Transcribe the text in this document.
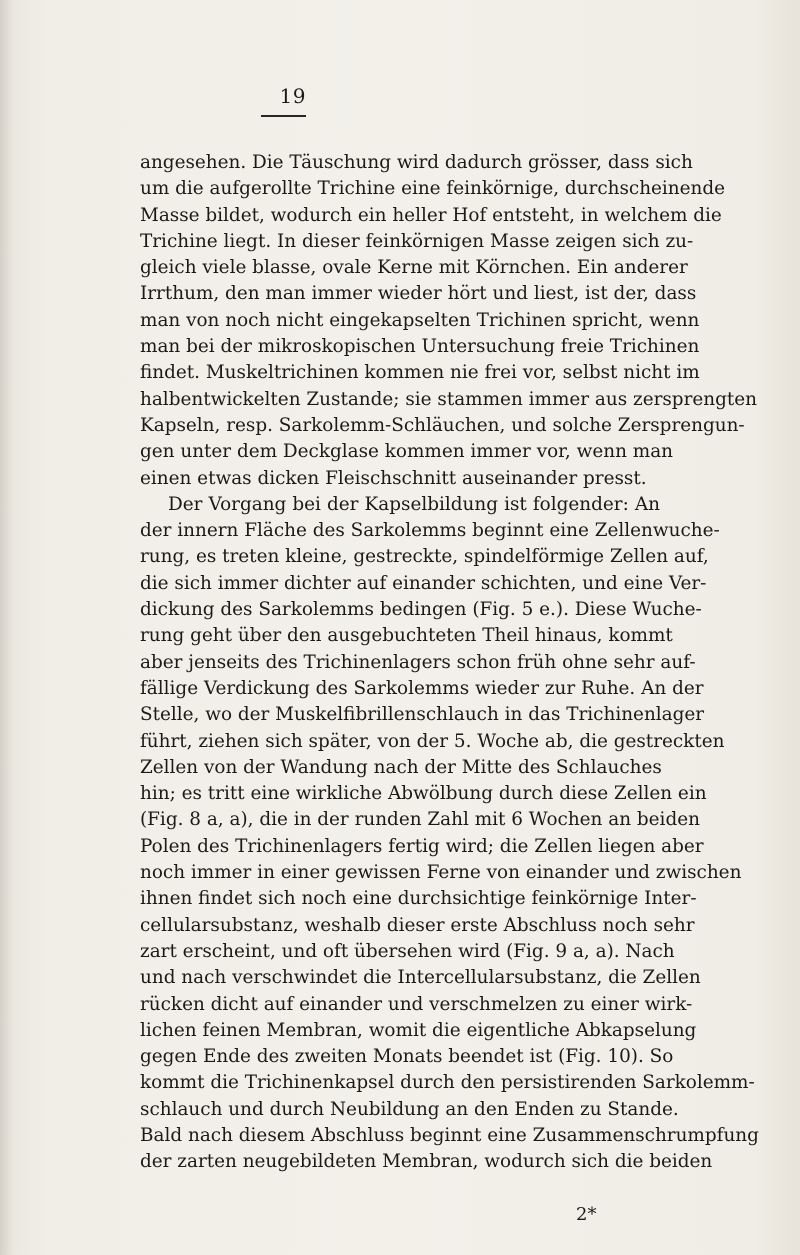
19
angesehen. Die Täuschung wird dadurch grösser, dass sich
um die aufgerollte Trichine eine feinkörnige, durchscheinende
Masse bildet, wodurch ein heller Hof entsteht, in welchem die
Trichine liegt. In dieser feinkörnigen Masse zeigen sich zu-
gleich viele blasse, ovale Kerne mit Körnchen. Ein anderer
Irrthum, den man immer wieder hört und liest, ist der, dass
man von noch nicht eingekapselten Trichinen spricht, wenn
man bei der mikroskopischen Untersuchung freie Trichinen
findet. Muskeltrichinen kommen nie frei vor, selbst nicht im
halbentwickelten Zustande; sie stammen immer aus zersprengten
Kapseln, resp. Sarkolemm-Schläuchen, und solche Zersprengun-
gen unter dem Deckglase kommen immer vor, wenn man
einen etwas dicken Fleischschnitt auseinander presst.
Der Vorgang bei der Kapselbildung ist folgender: An
der innern Fläche des Sarkolemms beginnt eine Zellenwuche-
rung, es treten kleine, gestreckte, spindelförmige Zellen auf,
die sich immer dichter auf einander schichten, und eine Ver-
dickung des Sarkolemms bedingen (Fig. 5 e.). Diese Wuche-
rung geht über den ausgebuchteten Theil hinaus, kommt
aber jenseits des Trichinenlagers schon früh ohne sehr auf-
fällige Verdickung des Sarkolemms wieder zur Ruhe. An der
Stelle, wo der Muskelfibrillenschlauch in das Trichinenlager
führt, ziehen sich später, von der 5. Woche ab, die gestreckten
Zellen von der Wandung nach der Mitte des Schlauches
hin; es tritt eine wirkliche Abwölbung durch diese Zellen ein
(Fig. 8 a, a), die in der runden Zahl mit 6 Wochen an beiden
Polen des Trichinenlagers fertig wird; die Zellen liegen aber
noch immer in einer gewissen Ferne von einander und zwischen
ihnen findet sich noch eine durchsichtige feinkörnige Inter-
cellularsubstanz, weshalb dieser erste Abschluss noch sehr
zart erscheint, und oft übersehen wird (Fig. 9 a, a). Nach
und nach verschwindet die Intercellularsubstanz, die Zellen
rücken dicht auf einander und verschmelzen zu einer wirk-
lichen feinen Membran, womit die eigentliche Abkapselung
gegen Ende des zweiten Monats beendet ist (Fig. 10). So
kommt die Trichinenkapsel durch den persistirenden Sarkolemm-
schlauch und durch Neubildung an den Enden zu Stande.
Bald nach diesem Abschluss beginnt eine Zusammenschrumpfung
der zarten neugebildeten Membran, wodurch sich die beiden
2*
